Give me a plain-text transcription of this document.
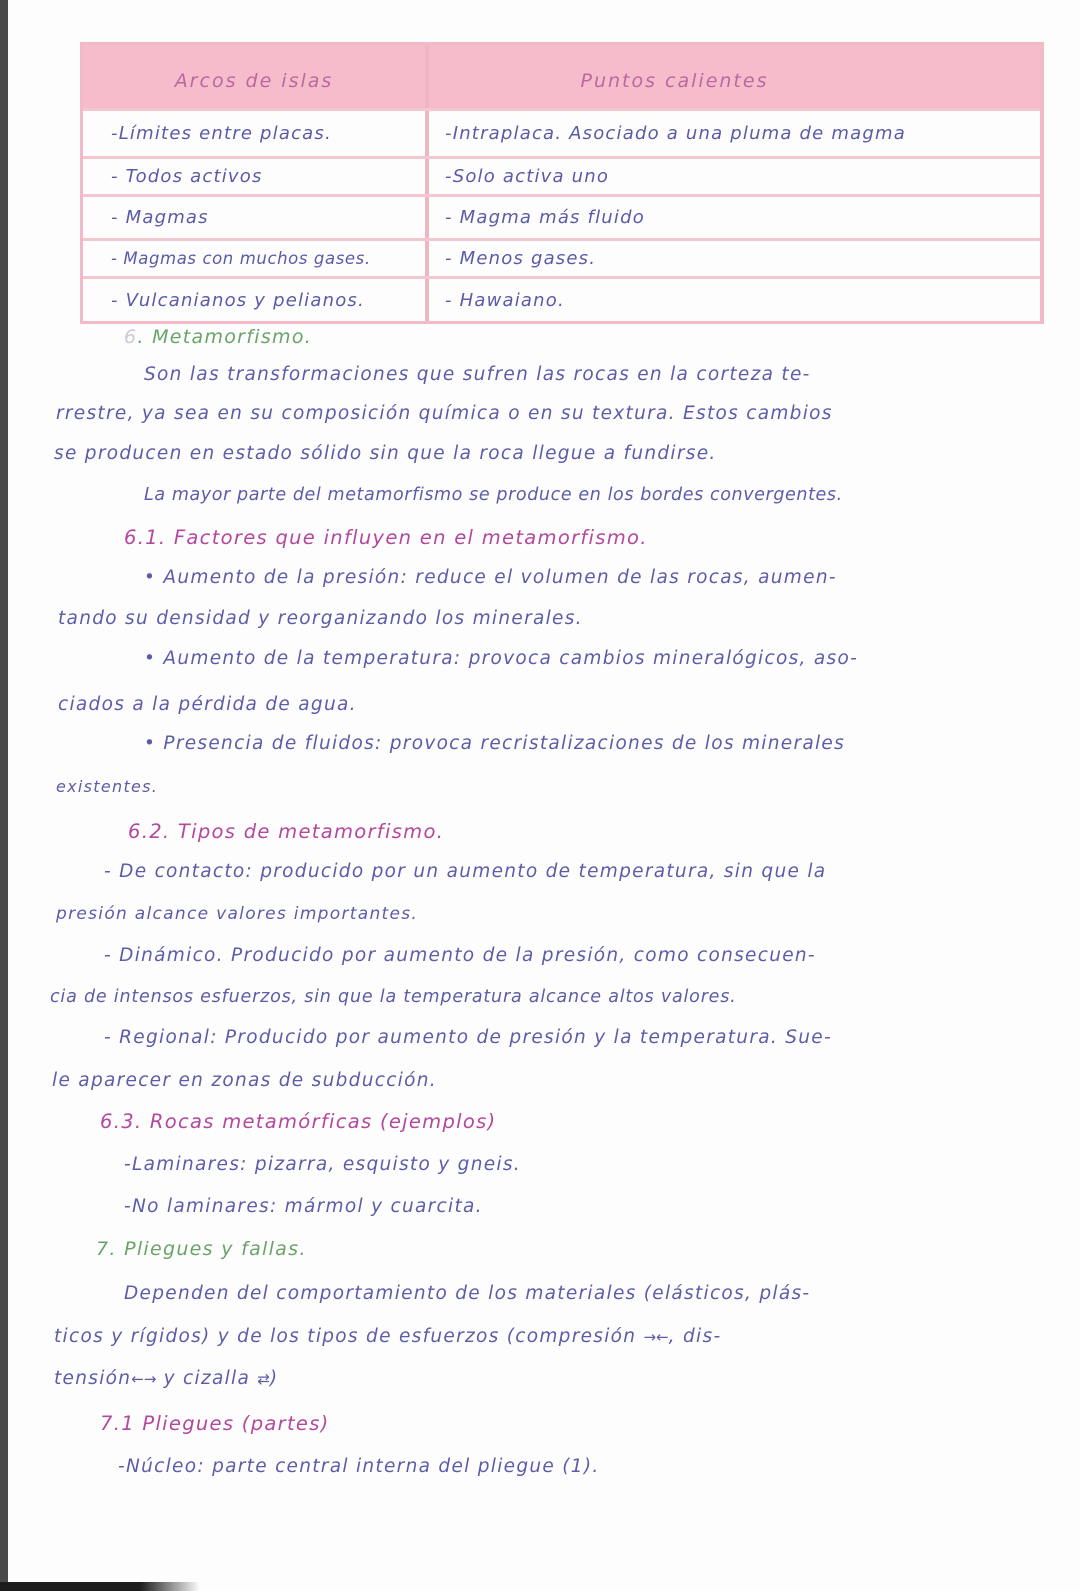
Arcos de islas	Puntos calientes
-Límites entre placas.	-Intraplaca. Asociado a una pluma de magma
- Todos activos	-Solo activa uno
- Magmas	- Magma más fluido
- Magmas con muchos gases.	- Menos gases.
- Vulcanianos y pelianos.	- Hawaiano.
6. Metamorfismo.
Son las transformaciones que sufren las rocas en la corteza te-
rrestre, ya sea en su composición química o en su textura. Estos cambios
se producen en estado sólido sin que la roca llegue a fundirse.
La mayor parte del metamorfismo se produce en los bordes convergentes.
6.1. Factores que influyen en el metamorfismo.
• Aumento de la presión: reduce el volumen de las rocas, aumen-
tando su densidad y reorganizando los minerales.
• Aumento de la temperatura: provoca cambios mineralógicos, aso-
ciados a la pérdida de agua.
• Presencia de fluidos: provoca recristalizaciones de los minerales
existentes.
6.2. Tipos de metamorfismo.
- De contacto: producido por un aumento de temperatura, sin que la
presión alcance valores importantes.
- Dinámico. Producido por aumento de la presión, como consecuen-
cia de intensos esfuerzos, sin que la temperatura alcance altos valores.
- Regional: Producido por aumento de presión y la temperatura. Sue-
le aparecer en zonas de subducción.
6.3. Rocas metamórficas (ejemplos)
-Laminares: pizarra, esquisto y gneis.
-No laminares: mármol y cuarcita.
7. Pliegues y fallas.
Dependen del comportamiento de los materiales (elásticos, plás-
ticos y rígidos) y de los tipos de esfuerzos (compresión →←, dis-
tensión←→ y cizalla ⇄)
7.1 Pliegues (partes)
-Núcleo: parte central interna del pliegue (1).
